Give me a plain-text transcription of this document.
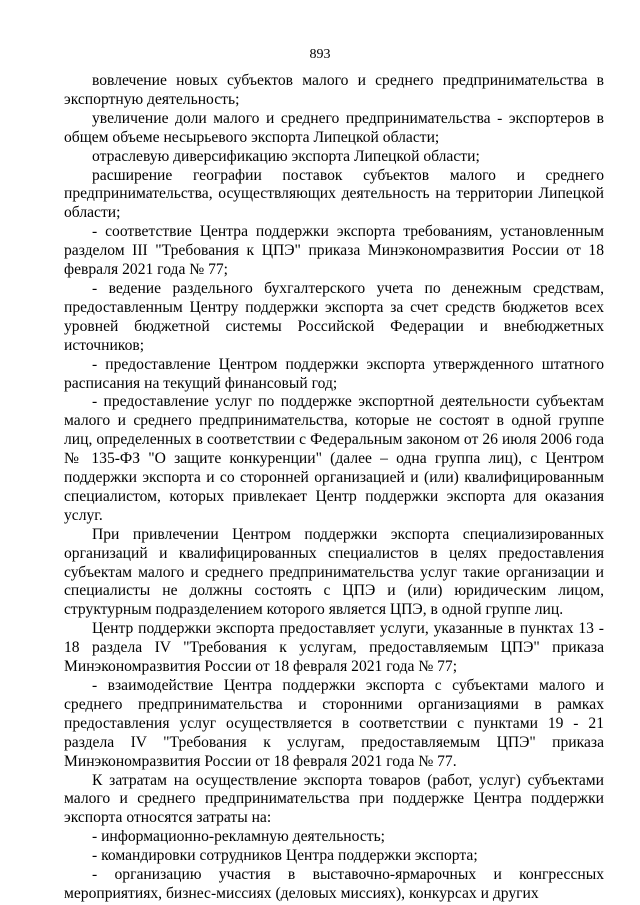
893

вовлечение новых субъектов малого и среднего предпринимательства в экспортную деятельность;

увеличение доли малого и среднего предпринимательства - экспортеров в общем объеме несырьевого экспорта Липецкой области;

отраслевую диверсификацию экспорта Липецкой области;

расширение географии поставок субъектов малого и среднего предпринимательства, осуществляющих деятельность на территории Липецкой области;

- соответствие Центра поддержки экспорта требованиям, установленным разделом III "Требования к ЦПЭ" приказа Минэкономразвития России от 18 февраля 2021 года № 77;

- ведение раздельного бухгалтерского учета по денежным средствам, предоставленным Центру поддержки экспорта за счет средств бюджетов всех уровней бюджетной системы Российской Федерации и внебюджетных источников;

- предоставление Центром поддержки экспорта утвержденного штатного расписания на текущий финансовый год;

- предоставление услуг по поддержке экспортной деятельности субъектам малого и среднего предпринимательства, которые не состоят в одной группе лиц, определенных в соответствии с Федеральным законом от 26 июля 2006 года № 135-ФЗ "О защите конкуренции" (далее – одна группа лиц), с Центром поддержки экспорта и со сторонней организацией и (или) квалифицированным специалистом, которых привлекает Центр поддержки экспорта для оказания услуг.

При привлечении Центром поддержки экспорта специализированных организаций и квалифицированных специалистов в целях предоставления субъектам малого и среднего предпринимательства услуг такие организации и специалисты не должны состоять с ЦПЭ и (или) юридическим лицом, структурным подразделением которого является ЦПЭ, в одной группе лиц.

Центр поддержки экспорта предоставляет услуги, указанные в пунктах 13 - 18 раздела IV "Требования к услугам, предоставляемым ЦПЭ" приказа Минэкономразвития России от 18 февраля 2021 года № 77;

- взаимодействие Центра поддержки экспорта с субъектами малого и среднего предпринимательства и сторонними организациями в рамках предоставления услуг осуществляется в соответствии с пунктами 19 - 21 раздела IV "Требования к услугам, предоставляемым ЦПЭ" приказа Минэкономразвития России от 18 февраля 2021 года № 77.

К затратам на осуществление экспорта товаров (работ, услуг) субъектами малого и среднего предпринимательства при поддержке Центра поддержки экспорта относятся затраты на:

- информационно-рекламную деятельность;

- командировки сотрудников Центра поддержки экспорта;

- организацию участия в выставочно-ярмарочных и конгрессных мероприятиях, бизнес-миссиях (деловых миссиях), конкурсах и других
